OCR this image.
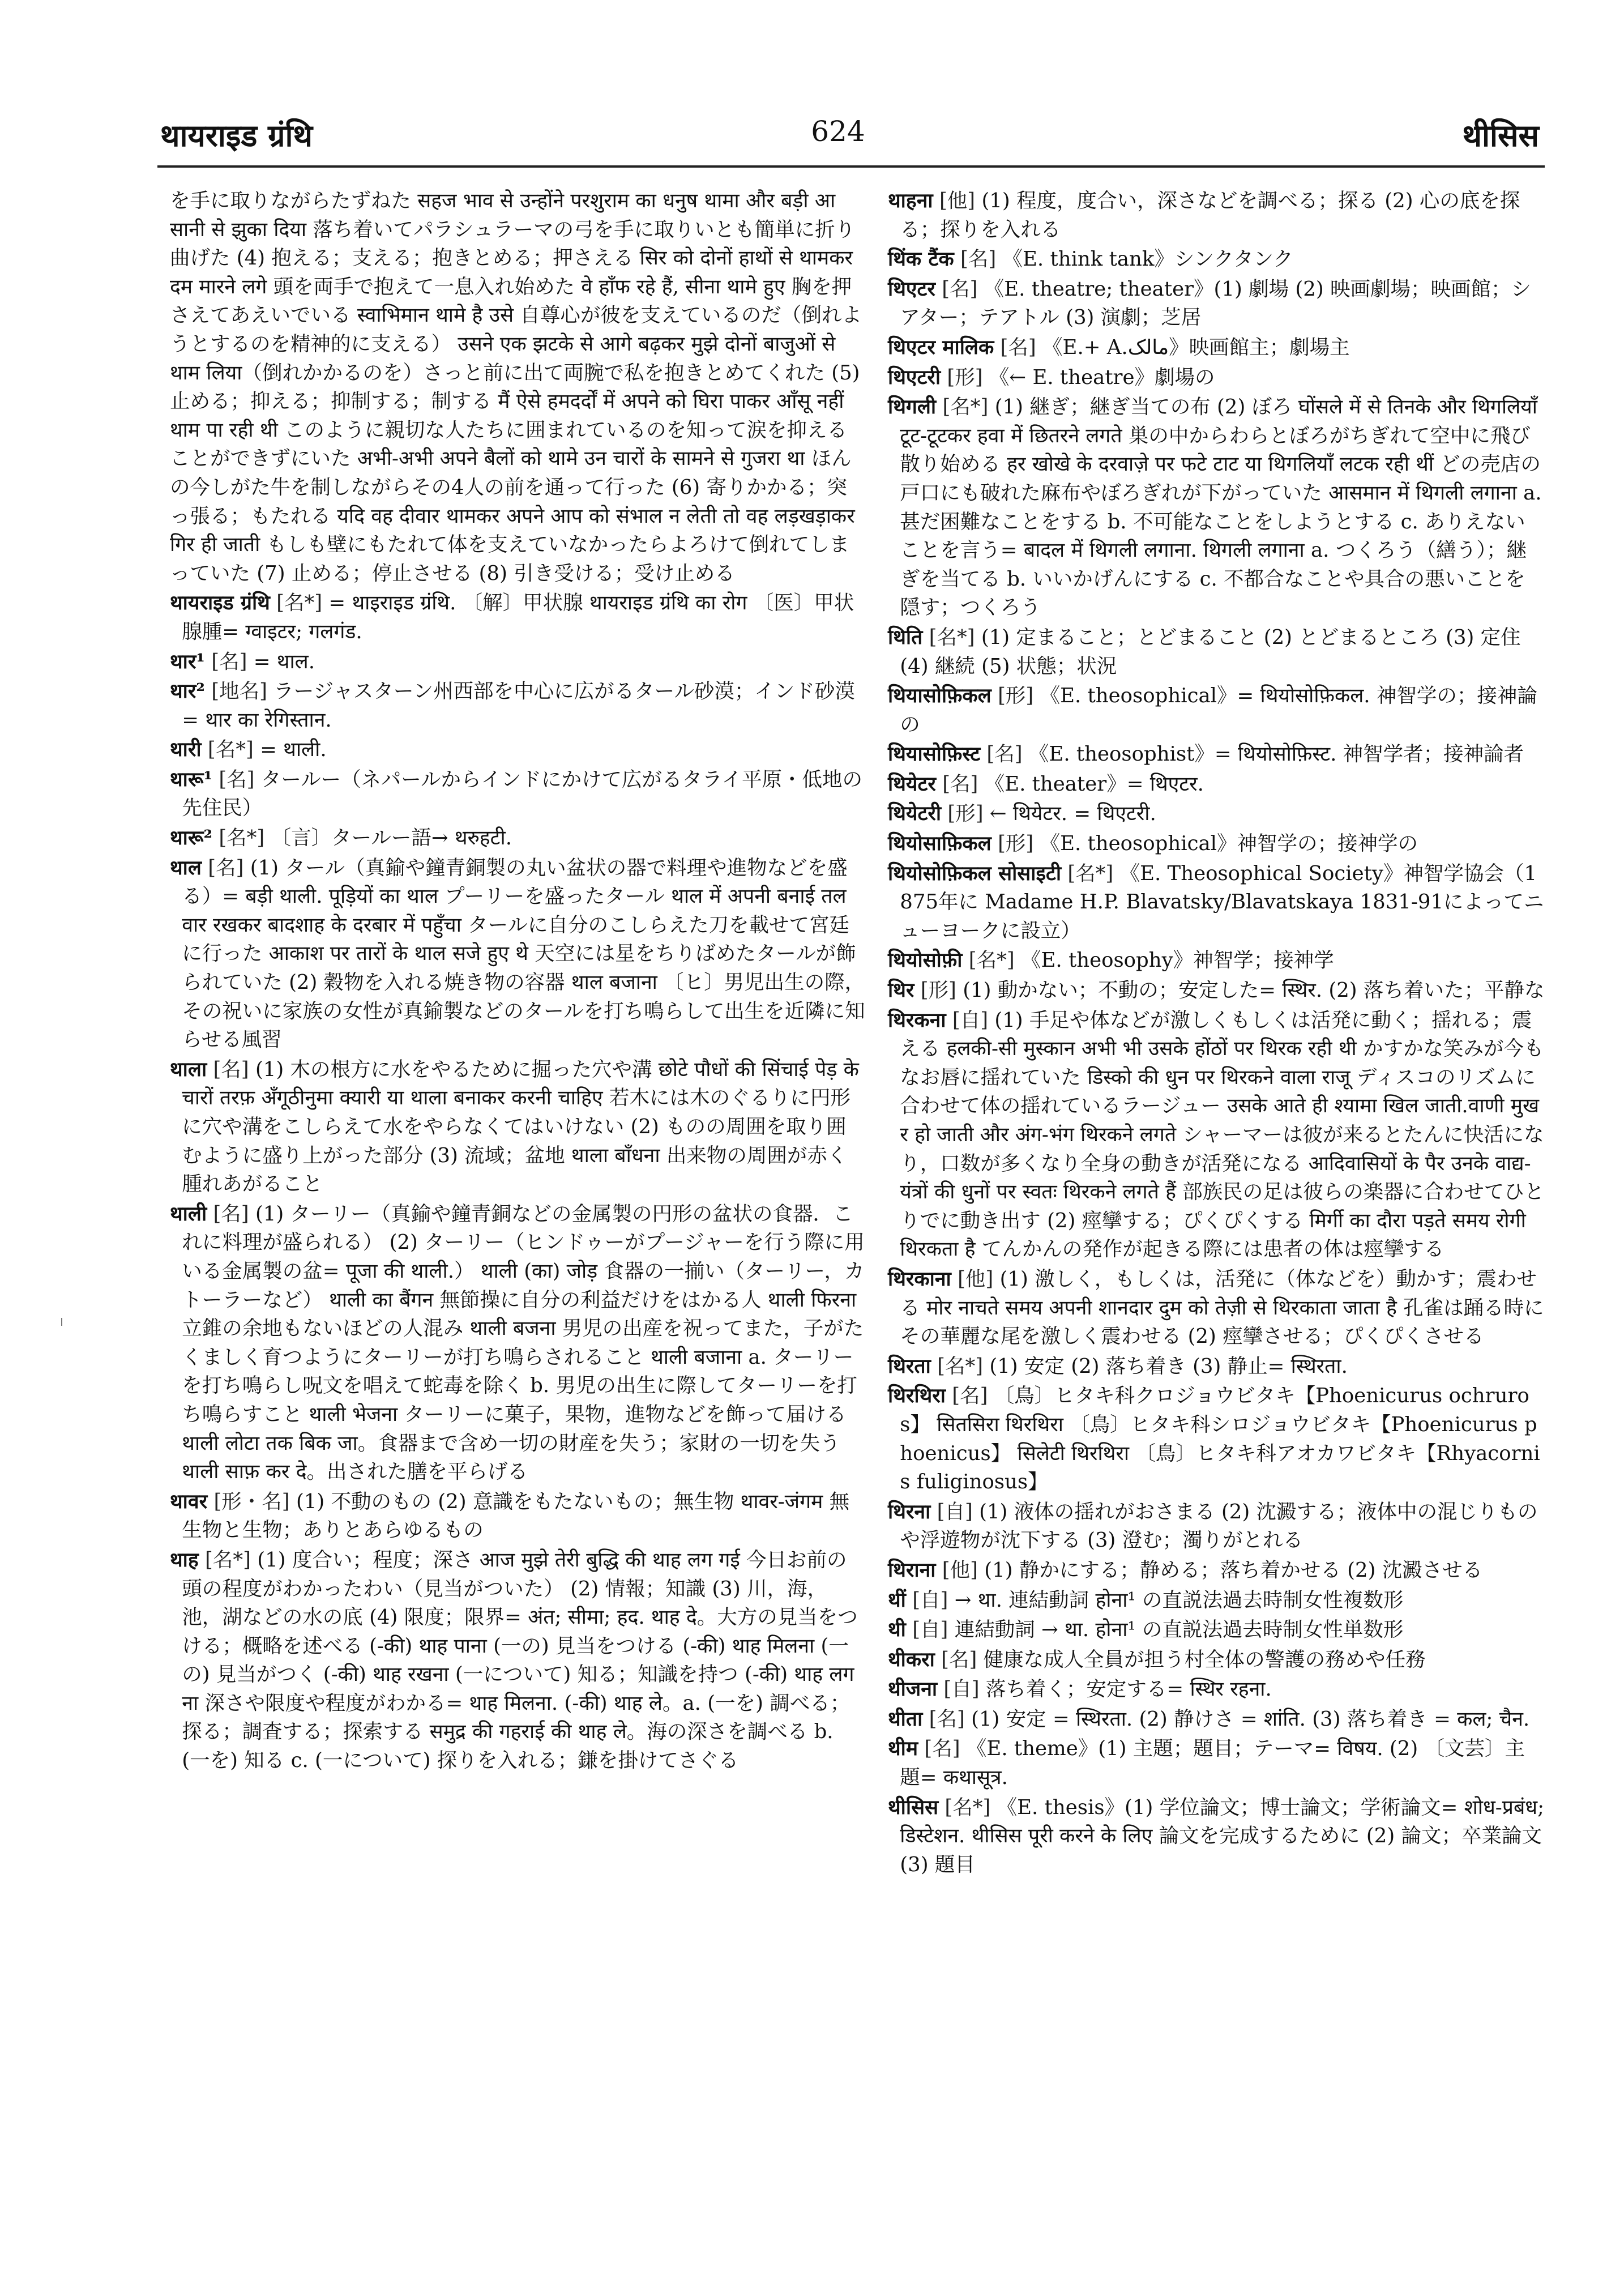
थायराइड ग्रंथि	624	थीसिस

を手に取りながらたずねた सहज भाव से उन्होंने परशुराम का धनुष थामा और बड़ी आसानी से झुका दिया 落ち着いてパラシュラーマの弓を手に取りいとも簡単に折り曲げた (4) 抱える；支える；抱きとめる；押さえる सिर को दोनों हाथों से थामकर दम मारने लगे 頭を両手で抱えて一息入れ始めた वे हाँफ रहे हैं, सीना थामे हुए 胸を押さえてあえいでいる स्वाभिमान थामे है उसे 自尊心が彼を支えているのだ（倒れようとするのを精神的に支える） उसने एक झटके से आगे बढ़कर मुझे दोनों बाजुओं से थाम लिया（倒れかかるのを）さっと前に出て両腕で私を抱きとめてくれた (5) 止める；抑える；抑制する；制する मैं ऐसे हमदर्दों में अपने को घिरा पाकर आँसू नहीं थाम पा रही थी このように親切な人たちに囲まれているのを知って涙を抑えることができずにいた अभी-अभी अपने बैलों को थामे उन चारों के सामने से गुजरा था ほんの今しがた牛を制しながらその4人の前を通って行った (6) 寄りかかる；突っ張る；もたれる यदि वह दीवार थामकर अपने आप को संभाल न लेती तो वह लड़खड़ाकर गिर ही जाती もしも壁にもたれて体を支えていなかったらよろけて倒れてしまっていた (7) 止める；停止させる (8) 引き受ける；受け止める

थायराइड ग्रंथि [名*] = थाइराइड ग्रंथि. 〔解〕甲状腺 थायराइड ग्रंथि का रोग 〔医〕甲状腺腫= ग्वाइटर; गलगंड.

थार¹ [名] = थाल.

थार² [地名] ラージャスターン州西部を中心に広がるタール砂漠；インド砂漠= थार का रेगिस्तान.

थारी [名*] = थाली.

थारू¹ [名] タールー（ネパールからインドにかけて広がるタライ平原・低地の先住民）

थारू² [名*] 〔言〕タールー語→ थरुहटी.

थाल [名] (1) タール（真鍮や鐘青銅製の丸い盆状の器で料理や進物などを盛る）= बड़ी थाली. पूड़ियों का थाल プーリーを盛ったタール थाल में अपनी बनाई तलवार रखकर बादशाह के दरबार में पहुँचा タールに自分のこしらえた刀を載せて宮廷に行った आकाश पर तारों के थाल सजे हुए थे 天空には星をちりばめたタールが飾られていた (2) 穀物を入れる焼き物の容器 थाल बजाना 〔ヒ〕男児出生の際，その祝いに家族の女性が真鍮製などのタールを打ち鳴らして出生を近隣に知らせる風習

थाला [名] (1) 木の根方に水をやるために掘った穴や溝 छोटे पौधों की सिंचाई पेड़ के चारों तरफ़ अँगूठीनुमा क्यारी या थाला बनाकर करनी चाहिए 若木には木のぐるりに円形に穴や溝をこしらえて水をやらなくてはいけない (2) ものの周囲を取り囲むように盛り上がった部分 (3) 流域；盆地 थाला बाँधना 出来物の周囲が赤く腫れあがること

थाली [名] (1) ターリー（真鍮や鐘青銅などの金属製の円形の盆状の食器．これに料理が盛られる） (2) ターリー（ヒンドゥーがプージャーを行う際に用いる金属製の盆= पूजा की थाली.） थाली (का) जोड़ 食器の一揃い（ターリー，カトーラーなど） थाली का बैंगन 無節操に自分の利益だけをはかる人 थाली फिरना 立錐の余地もないほどの人混み थाली बजना 男児の出産を祝ってまた，子がたくましく育つようにターリーが打ち鳴らされること थाली बजाना a. ターリーを打ち鳴らし呪文を唱えて蛇毒を除く b. 男児の出生に際してターリーを打ち鳴らすこと थाली भेजना ターリーに菓子，果物，進物などを飾って届ける थाली लोटा तक बिक जा。食器まで含め一切の財産を失う；家財の一切を失う थाली साफ़ कर दे。出された膳を平らげる

थावर [形・名] (1) 不動のもの (2) 意識をもたないもの；無生物 थावर-जंगम 無生物と生物；ありとあらゆるもの

थाह [名*] (1) 度合い；程度；深さ आज मुझे तेरी बुद्धि की थाह लग गई 今日お前の頭の程度がわかったわい（見当がついた） (2) 情報；知識 (3) 川，海，池，湖などの水の底 (4) 限度；限界= अंत; सीमा; हद. थाह दे。大方の見当をつける；概略を述べる (-की) थाह पाना (一の) 見当をつける (-की) थाह मिलना (一の) 見当がつく (-की) थाह रखना (一について) 知る；知識を持つ (-की) थाह लगना 深さや限度や程度がわかる= थाह मिलना. (-की) थाह ले。a. (一を) 調べる；探る；調査する；探索する समुद्र की गहराई की थाह ले。海の深さを調べる b. (一を) 知る c. (一について) 探りを入れる；鎌を掛けてさぐる

थाहना [他] (1) 程度，度合い，深さなどを調べる；探る (2) 心の底を探る；探りを入れる

थिंक टैंक [名] 《E. think tank》シンクタンク

थिएटर [名] 《E. theatre; theater》(1) 劇場 (2) 映画劇場；映画館；シアター；テアトル (3) 演劇；芝居

थिएटर मालिक [名] 《E.+ A.مالک》映画館主；劇場主

थिएटरी [形] 《← E. theatre》劇場の

थिगली [名*] (1) 継ぎ；継ぎ当ての布 (2) ぼろ घोंसले में से तिनके और थिगलियाँ टूट-टूटकर हवा में छितरने लगते 巣の中からわらとぼろがちぎれて空中に飛び散り始める हर खोखे के दरवाज़े पर फटे टाट या थिगलियाँ लटक रही थीं どの売店の戸口にも破れた麻布やぼろぎれが下がっていた आसमान में थिगली लगाना a. 甚だ困難なことをする b. 不可能なことをしようとする c. ありえないことを言う= बादल में थिगली लगाना. थिगली लगाना a. つくろう（繕う）；継ぎを当てる b. いいかげんにする c. 不都合なことや具合の悪いことを隠す；つくろう

थिति [名*] (1) 定まること；とどまること (2) とどまるところ (3) 定住 (4) 継続 (5) 状態；状況

थियासोफ़िकल [形] 《E. theosophical》= थियोसोफ़िकल. 神智学の；接神論の

थियासोफ़िस्ट [名] 《E. theosophist》= थियोसोफ़िस्ट. 神智学者；接神論者

थियेटर [名] 《E. theater》= थिएटर.

थियेटरी [形] ← थियेटर. = थिएटरी.

थियोसाफ़िकल [形] 《E. theosophical》神智学の；接神学の

थियोसोफ़िकल सोसाइटी [名*] 《E. Theosophical Society》神智学協会（1875年に Madame H.P. Blavatsky/Blavatskaya 1831-91によってニューヨークに設立）

थियोसोफ़ी [名*] 《E. theosophy》神智学；接神学

थिर [形] (1) 動かない；不動の；安定した= स्थिर. (2) 落ち着いた；平静な

थिरकना [自] (1) 手足や体などが激しくもしくは活発に動く；揺れる；震える हलकी-सी मुस्कान अभी भी उसके होंठों पर थिरक रही थी かすかな笑みが今もなお唇に揺れていた डिस्को की धुन पर थिरकने वाला राजू ディスコのリズムに合わせて体の揺れているラージュー उसके आते ही श्यामा खिल जाती.वाणी मुखर हो जाती और अंग-भंग थिरकने लगते シャーマーは彼が来るとたんに快活になり，口数が多くなり全身の動きが活発になる आदिवासियों के पैर उनके वाद्य-यंत्रों की धुनों पर स्वतः थिरकने लगते हैं 部族民の足は彼らの楽器に合わせてひとりでに動き出す (2) 痙攣する；ぴくぴくする मिर्गी का दौरा पड़ते समय रोगी थिरकता है てんかんの発作が起きる際には患者の体は痙攣する

थिरकाना [他] (1) 激しく，もしくは，活発に（体などを）動かす；震わせる मोर नाचते समय अपनी शानदार दुम को तेज़ी से थिरकाता जाता है 孔雀は踊る時にその華麗な尾を激しく震わせる (2) 痙攣させる；ぴくぴくさせる

थिरता [名*] (1) 安定 (2) 落ち着き (3) 静止= स्थिरता.

थिरथिरा [名] 〔鳥〕ヒタキ科クロジョウビタキ【Phoenicurus ochruros】 सितसिरा थिरथिरा 〔鳥〕ヒタキ科シロジョウビタキ【Phoenicurus phoenicus】 सिलेटी थिरथिरा 〔鳥〕ヒタキ科アオカワビタキ【Rhyacornis fuliginosus】

थिरना [自] (1) 液体の揺れがおさまる (2) 沈澱する；液体中の混じりものや浮遊物が沈下する (3) 澄む；濁りがとれる

थिराना [他] (1) 静かにする；静める；落ち着かせる (2) 沈澱させる

थीं [自] → था. 連結動詞 होना¹ の直説法過去時制女性複数形

थी [自] 連結動詞 → था. होना¹ の直説法過去時制女性単数形

थीकरा [名] 健康な成人全員が担う村全体の警護の務めや任務

थीजना [自] 落ち着く；安定する= स्थिर रहना.

थीता [名] (1) 安定 = स्थिरता. (2) 静けさ = शांति. (3) 落ち着き = कल; चैन.

थीम [名] 《E. theme》(1) 主題；題目；テーマ= विषय. (2) 〔文芸〕主題= कथासूत्र.

थीसिस [名*] 《E. thesis》(1) 学位論文；博士論文；学術論文= शोध-प्रबंध; डिस्टेशन. थीसिस पूरी करने के लिए 論文を完成するために (2) 論文；卒業論文 (3) 題目
